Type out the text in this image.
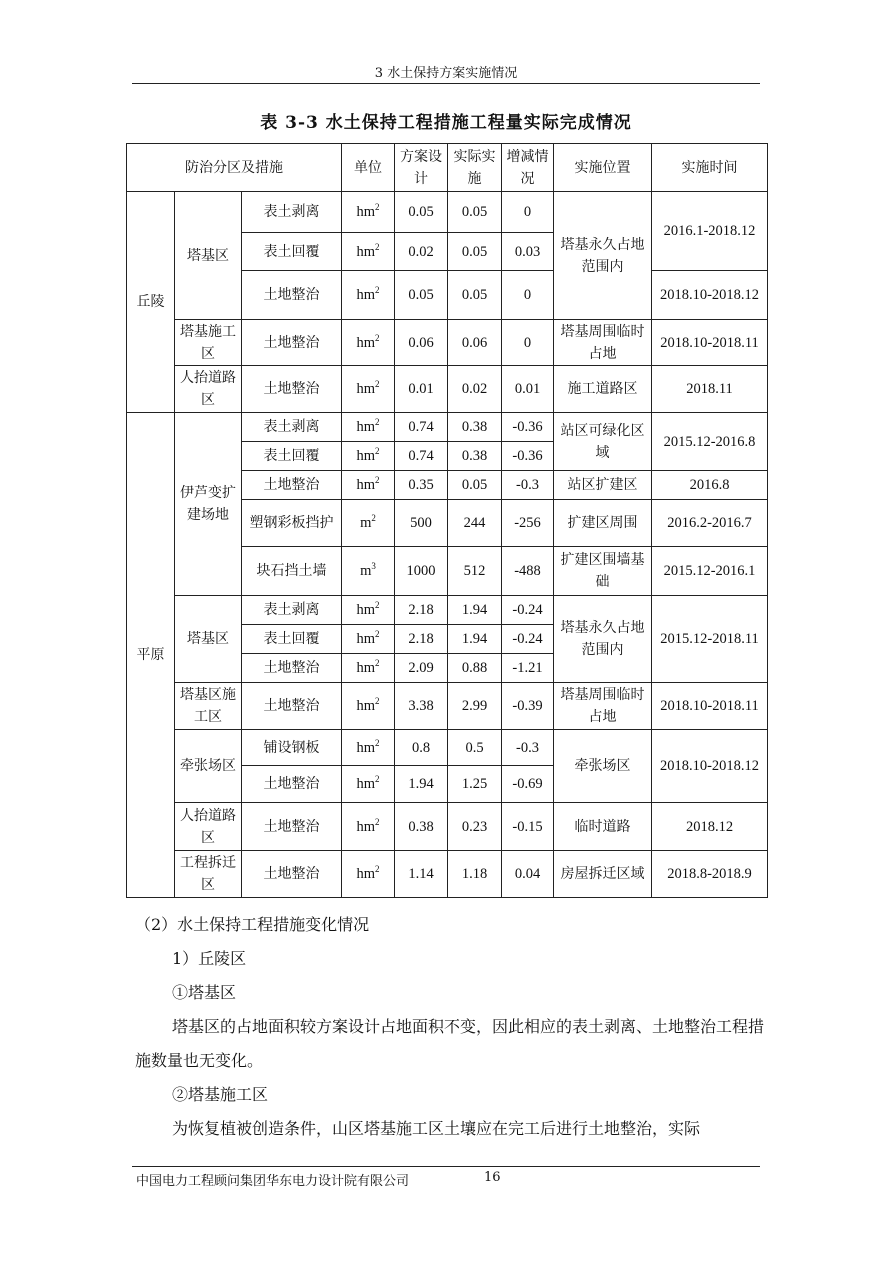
3 水土保持方案实施情况
表 3-3 水土保持工程措施工程量实际完成情况
防治分区及措施			单位	方案设计	实际实施	增减情况	实施位置	实施时间
丘陵	塔基区	表土剥离	$hm^2$	0.05	0.05	0	塔基永久占地范围内	2016.1-2018.12
		表土回覆	$hm^2$	0.02	0.05	0.03		
		土地整治	$hm^2$	0.05	0.05	0		2018.10-2018.12
	塔基施工区	土地整治	$hm^2$	0.06	0.06	0	塔基周围临时占地	2018.10-2018.11
	人抬道路区	土地整治	$hm^2$	0.01	0.02	0.01	施工道路区	2018.11
平原	伊芦变扩建场地	表土剥离	$hm^2$	0.74	0.38	-0.36	站区可绿化区域	2015.12-2016.8
		表土回覆	$hm^2$	0.74	0.38	-0.36		
		土地整治	$hm^2$	0.35	0.05	-0.3	站区扩建区	2016.8
		塑钢彩板挡护	$m^2$	500	244	-256	扩建区周围	2016.2-2016.7
		块石挡土墙	$m^3$	1000	512	-488	扩建区围墙基础	2015.12-2016.1
	塔基区	表土剥离	$hm^2$	2.18	1.94	-0.24	塔基永久占地范围内	2015.12-2018.11
		表土回覆	$hm^2$	2.18	1.94	-0.24		
		土地整治	$hm^2$	2.09	0.88	-1.21		
	塔基区施工区	土地整治	$hm^2$	3.38	2.99	-0.39	塔基周围临时占地	2018.10-2018.11
	牵张场区	铺设钢板	$hm^2$	0.8	0.5	-0.3	牵张场区	2018.10-2018.12
		土地整治	$hm^2$	1.94	1.25	-0.69		
	人抬道路区	土地整治	$hm^2$	0.38	0.23	-0.15	临时道路	2018.12
	工程拆迁区	土地整治	$hm^2$	1.14	1.18	0.04	房屋拆迁区域	2018.8-2018.9

（2）水土保持工程措施变化情况

1）丘陵区

①塔基区

塔基区的占地面积较方案设计占地面积不变，因此相应的表土剥离、土地整治工程措施数量也无变化。

②塔基施工区

为恢复植被创造条件，山区塔基施工区土壤应在完工后进行土地整治，实际

中国电力工程顾问集团华东电力设计院有限公司	16
